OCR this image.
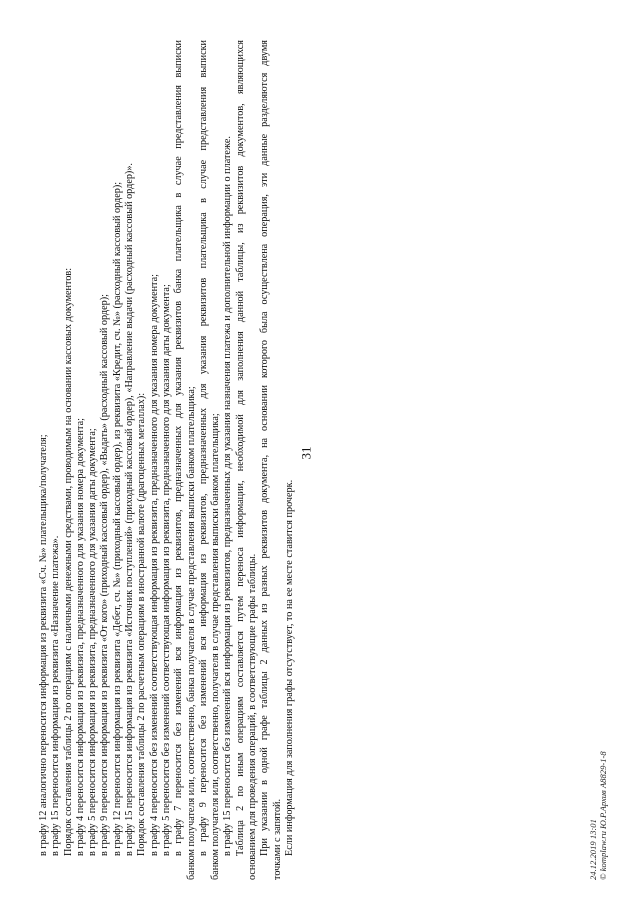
31
в графу 12 аналогично переносится информация из реквизита «Сч. №» плательщика/получателя; в графу 15 переносится информация из реквизита «Назначение платежа». Порядок составления таблицы 2 по операциям с наличными денежными средствами, проводимым на основании кассовых документов: в графу 4 переносится информация из реквизита, предназначенного для указания номера документа; в графу 5 переносится информация из реквизита, предназначенного для указания даты документа; в графу 9 переносится информация из реквизита «От кого» (приходный кассовый ордер), «Выдать» (расходный кассовый ордер); в графу 12 переносится информация из реквизита «Дебет, сч. №» (приходный кассовый ордер), из реквизита «Кредит, сч. №» (расходный кассовый ордер); в графу 15 переносится информация из реквизита «Источник поступлений» (приходный кассовый ордер), «Направление выдачи (расходный кассовый ордер)». Порядок составления таблицы 2 по расчетным операциям в иностранной валюте (драгоценных металлах): в графу 4 переносится без изменений соответствующая информация из реквизита, предназначенного для указания номера документа; в графу 5 переносится без изменений соответствующая информация из реквизита, предназначенного для указания даты документа; в графу 7 переносится без изменений вся информация из реквизитов, предназначенных для указания реквизитов банка плательщика в случае представления выписки банком получателя или, соответственно, банка получателя в случае представления выписки банком плательщика; в графу 9 переносится без изменений вся информация из реквизитов, предназначенных для указания реквизитов плательщика в случае представления выписки банком получателя или, соответственно, получателя в случае представления выписки банком плательщика; в графу 15 переносится без изменений вся информация из реквизитов, предназначенных для указания назначения платежа и дополнительной информации о платеже. Таблица 2 по иным операциям составляется путем переноса информации, необходимой для заполнения данной таблицы, из реквизитов документов, являющихся основанием для проведения операций, в соответствующие графы таблицы. При указании в одной графе таблицы 2 данных из разных реквизитов документа, на основании которого была осуществлена операция, эти данные разделяются двумя точками с запятой. Если информация для заполнения графы отсутствует, то на ее месте ставится прочерк.	24.12.2019 13:01 © komplaw.ru Ю.Р.Архив А8829-1-8
